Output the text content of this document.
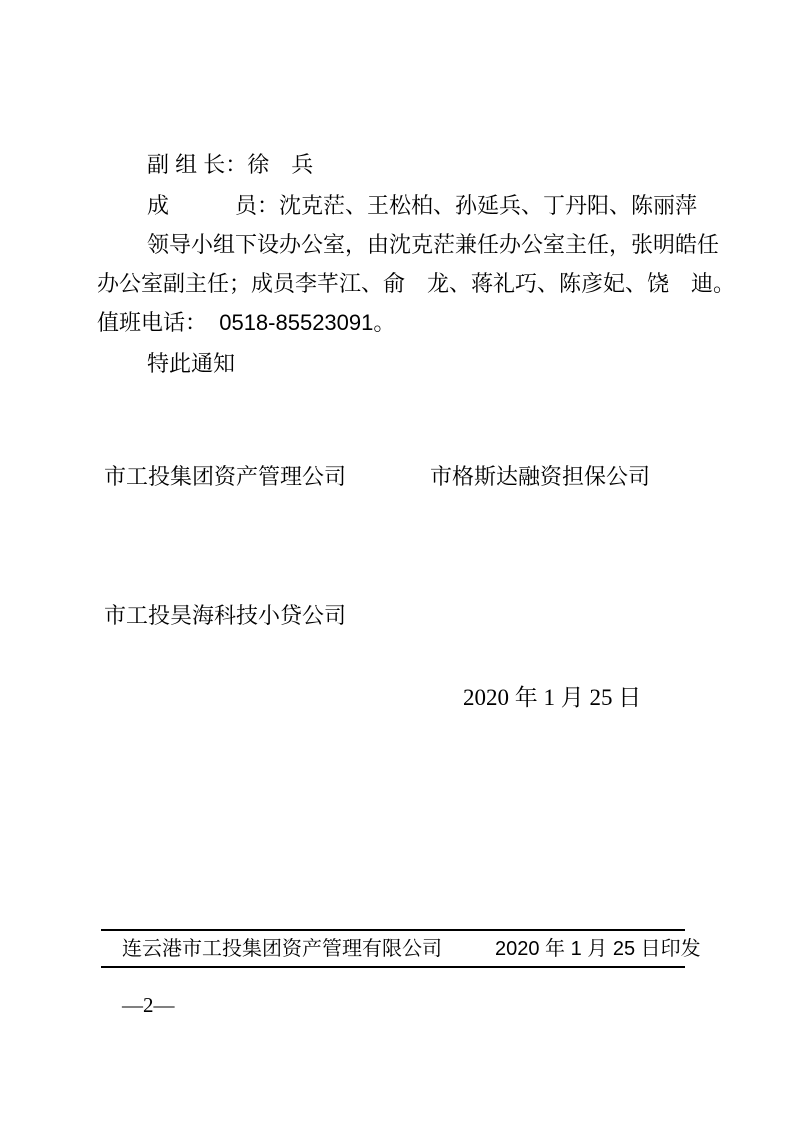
副 组 长：徐　兵
成　　　员：沈克茫、王松柏、孙延兵、丁丹阳、陈丽萍
领导小组下设办公室，由沈克茫兼任办公室主任，张明皓任
办公室副主任；成员李芊江、俞　龙、蒋礼巧、陈彦妃、饶　迪。
值班电话：  0518-85523091。
特此通知
市工投集团资产管理公司	市格斯达融资担保公司
市工投昊海科技小贷公司
2020 年 1 月 25 日
连云港市工投集团资产管理有限公司	2020 年 1 月 25 日印发
—2—
